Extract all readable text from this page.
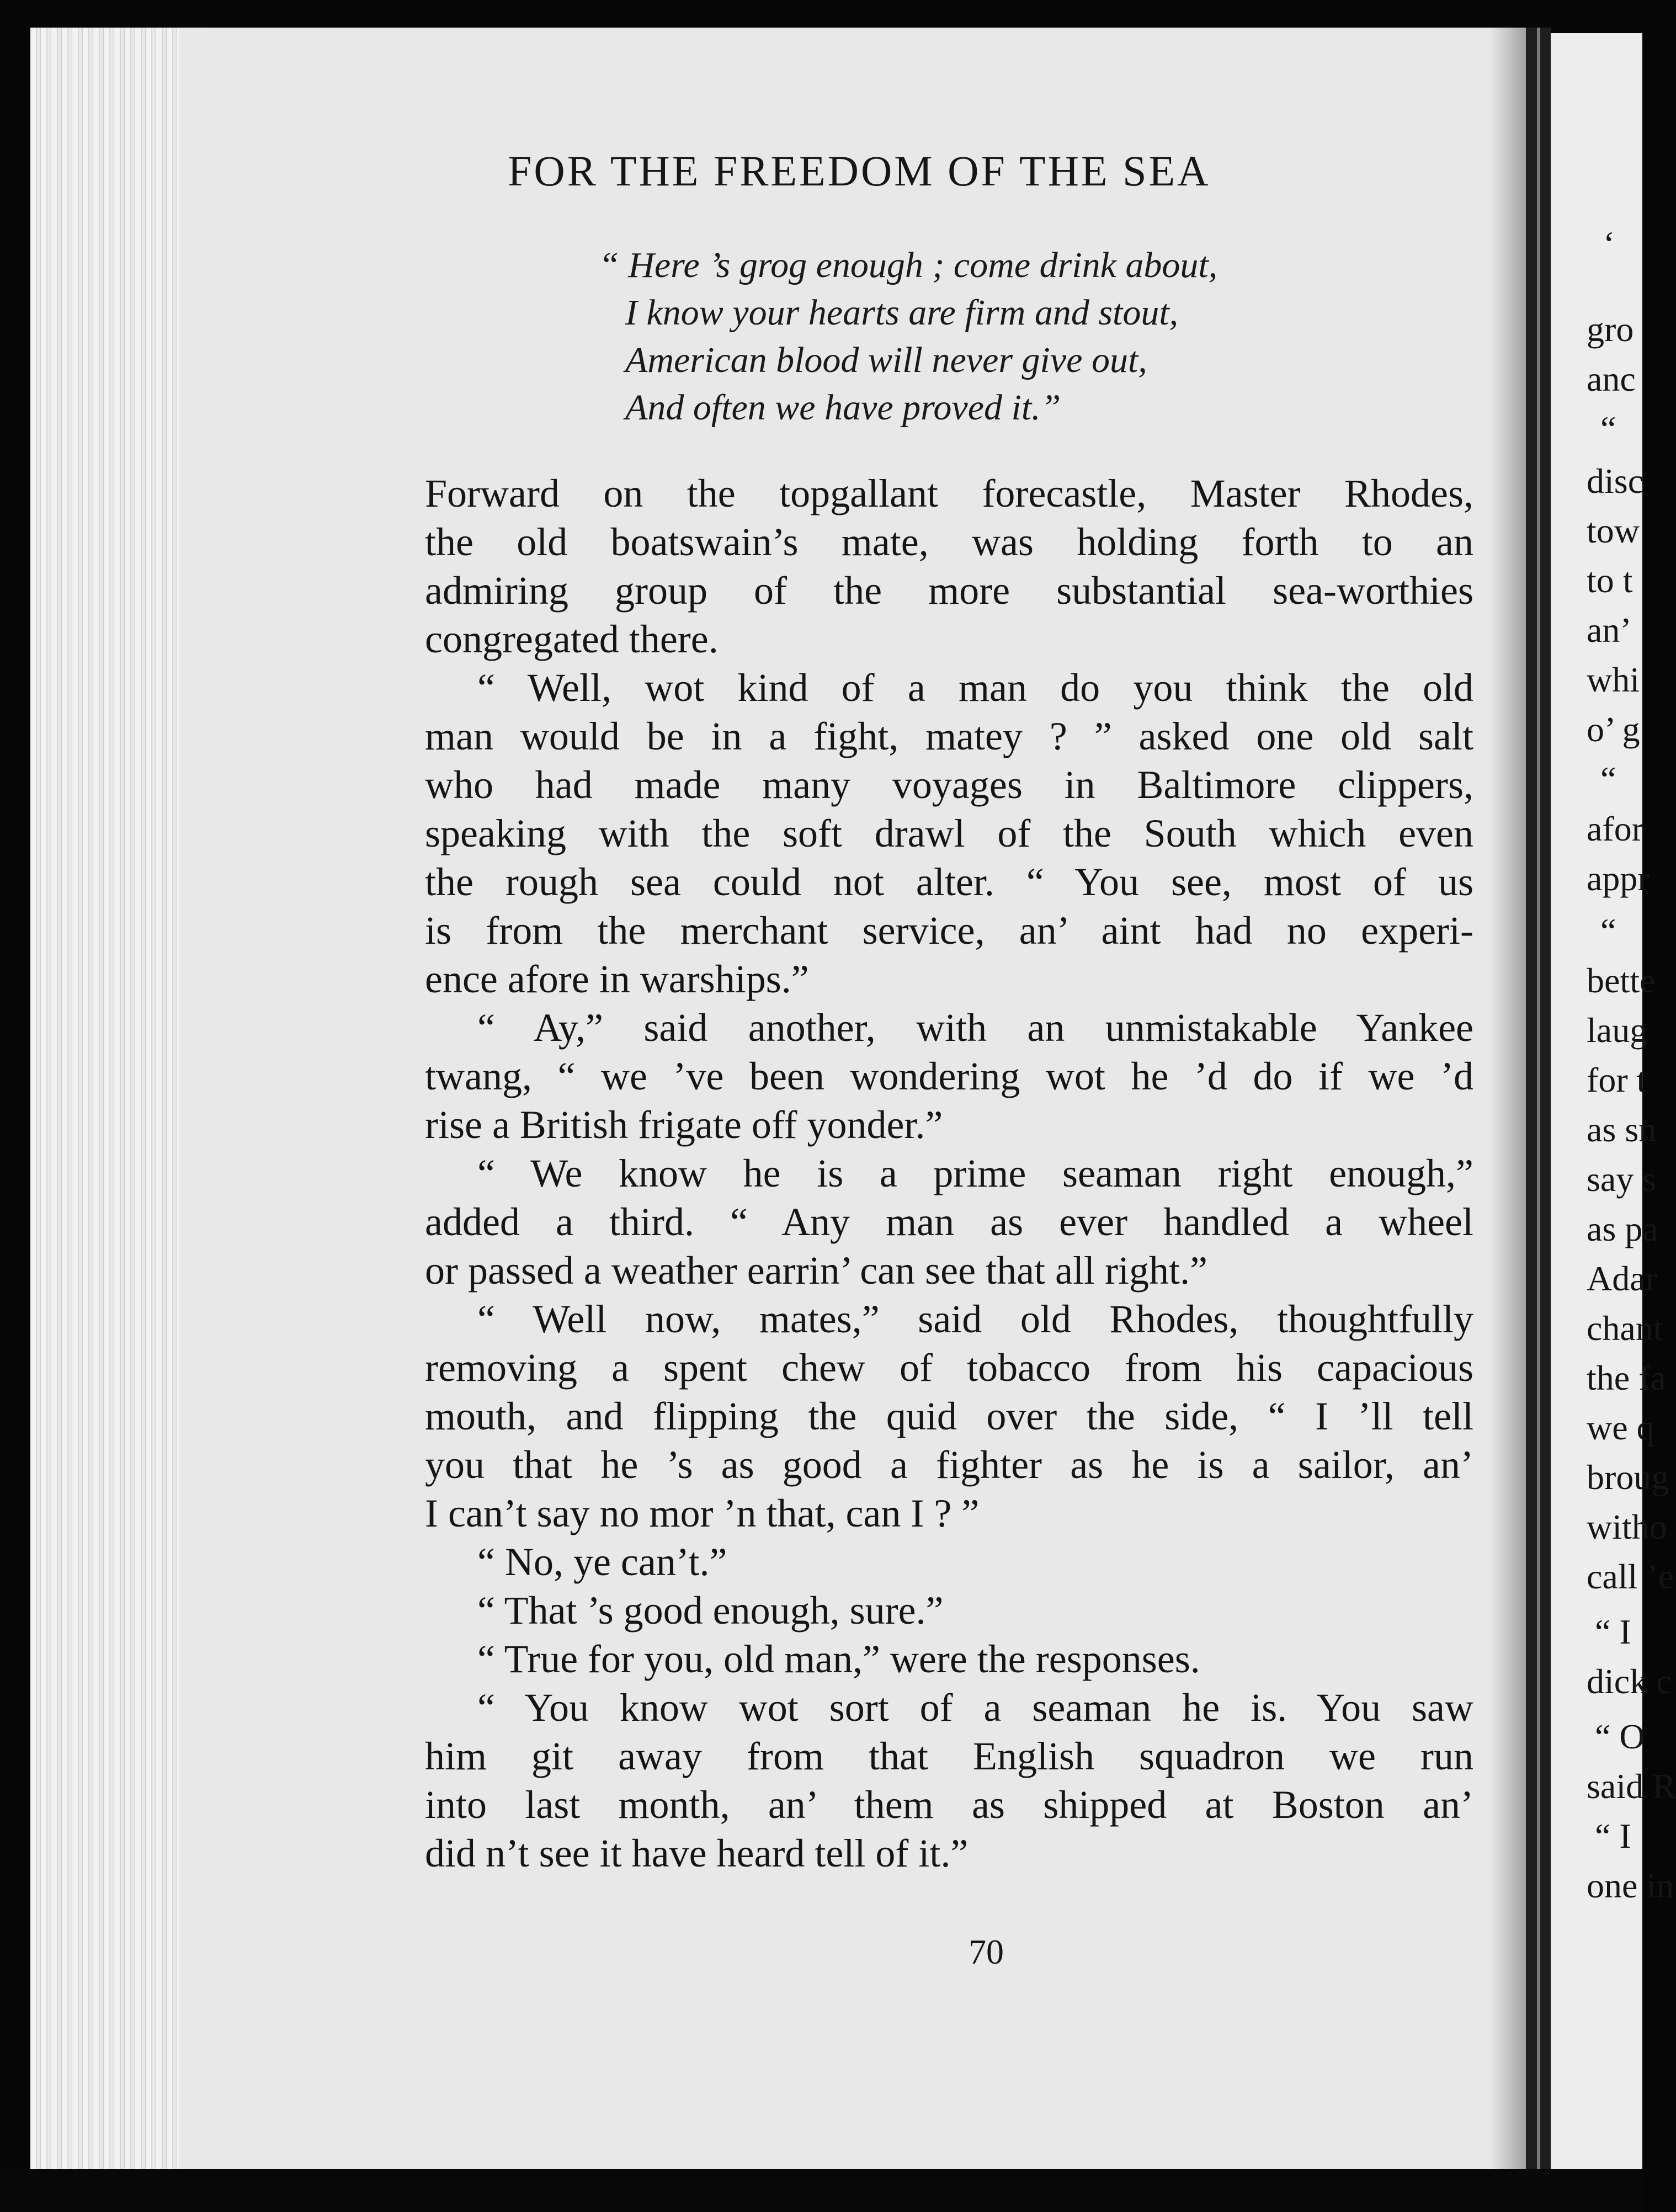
FOR THE FREEDOM OF THE SEA
“ Here ’s grog enough ; come drink about,
I know your hearts are firm and stout,
American blood will never give out,
And often we have proved it.”
Forward on the topgallant forecastle, Master Rhodes,
the old boatswain’s mate, was holding forth to an
admiring group of the more substantial sea-worthies
congregated there.
“ Well, wot kind of a man do you think the old
man would be in a fight, matey ? ” asked one old salt
who had made many voyages in Baltimore clippers,
speaking with the soft drawl of the South which even
the rough sea could not alter. “ You see, most of us
is from the merchant service, an’ aint had no experi-
ence afore in warships.”
“ Ay,” said another, with an unmistakable Yankee
twang, “ we ’ve been wondering wot he ’d do if we ’d
rise a British frigate off yonder.”
“ We know he is a prime seaman right enough,”
added a third. “ Any man as ever handled a wheel
or passed a weather earrin’ can see that all right.”
“ Well now, mates,” said old Rhodes, thoughtfully
removing a spent chew of tobacco from his capacious
mouth, and flipping the quid over the side, “ I ’ll tell
you that he ’s as good a fighter as he is a sailor, an’
I can’t say no mor ’n that, can I ? ”
“ No, ye can’t.”
“ That ’s good enough, sure.”
“ True for you, old man,” were the responses.
“ You know wot sort of a seaman he is. You saw
him git away from that English squadron we run
into last month, an’ them as shipped at Boston an’
did n’t see it have heard tell of it.”
70
‘
gro
anc
“
disc
tow
to t
an’
whi
o’ g
“
afor
appr
“
bette
laug
for t
as sn
say s
as pa
Adar
chant
the fa
we q
broug
witho
call ’e
“ I
dick c
“ O
said R
“ I
one in
